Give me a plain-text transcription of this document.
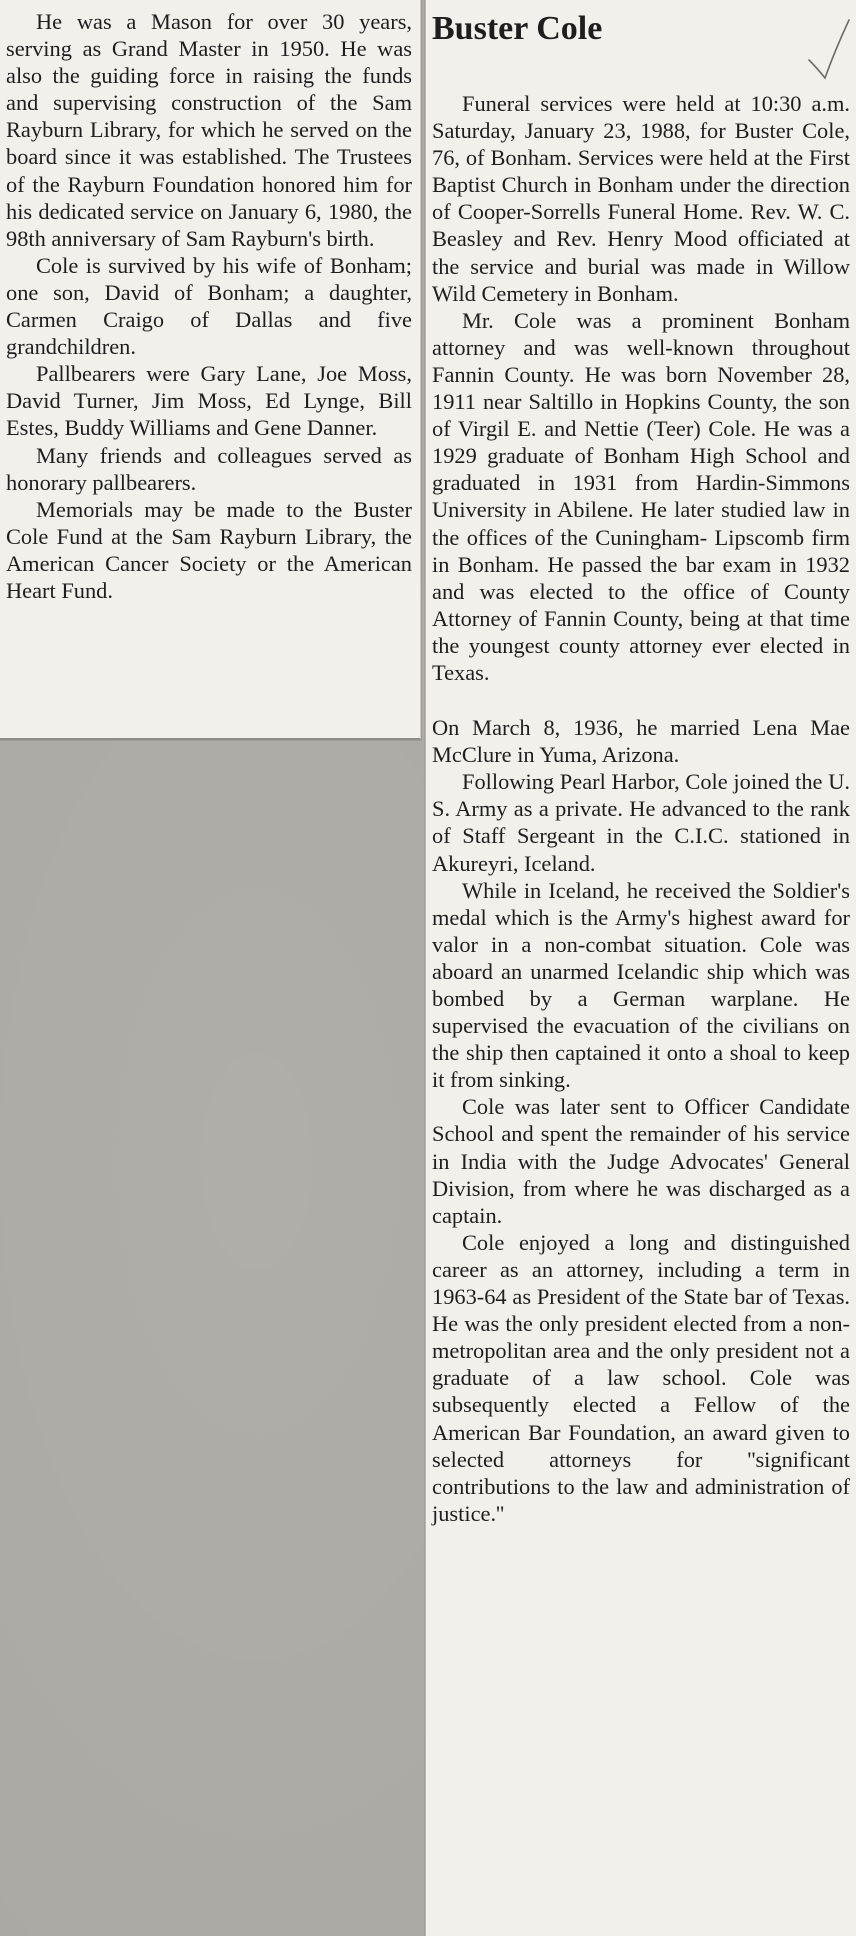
He was a Mason for over 30 years, serving as Grand Master in 1950. He was also the guiding force in raising the funds and supervising construction of the Sam Rayburn Library, for which he served on the board since it was established. The Trustees of the Rayburn Foundation honored him for his dedicated service on January 6, 1980, the 98th anniversary of Sam Rayburn's birth.

Cole is survived by his wife of Bonham; one son, David of Bonham; a daughter, Carmen Craigo of Dallas and five grandchildren.

Pallbearers were Gary Lane, Joe Moss, David Turner, Jim Moss, Ed Lynge, Bill Estes, Buddy Williams and Gene Danner.

Many friends and colleagues served as honorary pallbearers.

Memorials may be made to the Buster Cole Fund at the Sam Rayburn Library, the American Cancer Society or the American Heart Fund.

Buster Cole

Funeral services were held at 10:30 a.m. Saturday, January 23, 1988, for Buster Cole, 76, of Bonham. Services were held at the First Baptist Church in Bonham under the direction of Cooper-Sorrells Funeral Home. Rev. W. C. Beasley and Rev. Henry Mood officiated at the service and burial was made in Willow Wild Cemetery in Bonham.

Mr. Cole was a prominent Bonham attorney and was well-known throughout Fannin County. He was born November 28, 1911 near Saltillo in Hopkins County, the son of Virgil E. and Nettie (Teer) Cole. He was a 1929 graduate of Bonham High School and graduated in 1931 from Hardin-Simmons University in Abilene. He later studied law in the offices of the Cuningham- Lipscomb firm in Bonham. He passed the bar exam in 1932 and was elected to the office of County Attorney of Fannin County, being at that time the youngest county attorney ever elected in Texas.

On March 8, 1936, he married Lena Mae McClure in Yuma, Arizona.

Following Pearl Harbor, Cole joined the U. S. Army as a private. He advanced to the rank of Staff Sergeant in the C.I.C. stationed in Akureyri, Iceland.

While in Iceland, he received the Soldier's medal which is the Army's highest award for valor in a non-combat situation. Cole was aboard an unarmed Icelandic ship which was bombed by a German warplane. He supervised the evacuation of the civilians on the ship then captained it onto a shoal to keep it from sinking.

Cole was later sent to Officer Candidate School and spent the remainder of his service in India with the Judge Advocates' General Division, from where he was discharged as a captain.

Cole enjoyed a long and distinguished career as an attorney, including a term in 1963-64 as President of the State bar of Texas. He was the only president elected from a non-metropolitan area and the only president not a graduate of a law school. Cole was subsequently elected a Fellow of the American Bar Foundation, an award given to selected attorneys for ''significant contributions to the law and administration of justice.''
